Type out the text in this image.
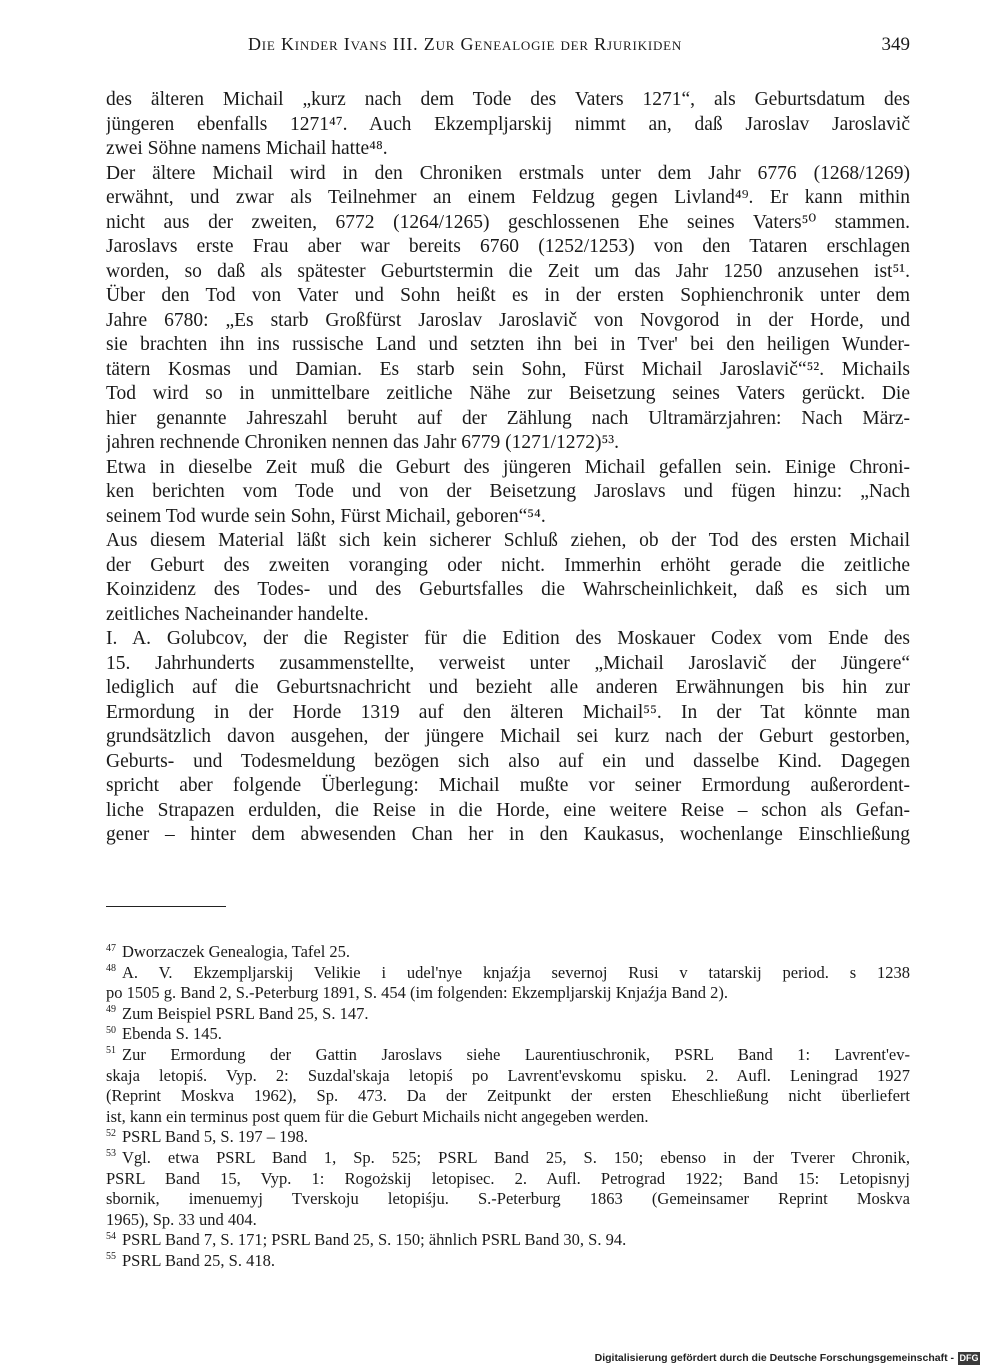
Die Kinder Ivans III. Zur Genealogie der Rjurikiden	349
des älteren Michail „kurz nach dem Tode des Vaters 1271“, als Geburtsdatum des
jüngeren ebenfalls 1271⁴⁷. Auch Ekzempljarskij nimmt an, daß Jaroslav Jaroslavič
zwei Söhne namens Michail hatte⁴⁸.
Der ältere Michail wird in den Chroniken erstmals unter dem Jahr 6776 (1268/1269)
erwähnt, und zwar als Teilnehmer an einem Feldzug gegen Livland⁴⁹. Er kann mithin
nicht aus der zweiten, 6772 (1264/1265) geschlossenen Ehe seines Vaters⁵⁰ stammen.
Jaroslavs erste Frau aber war bereits 6760 (1252/1253) von den Tataren erschlagen
worden, so daß als spätester Geburtstermin die Zeit um das Jahr 1250 anzusehen ist⁵¹.
Über den Tod von Vater und Sohn heißt es in der ersten Sophienchronik unter dem
Jahre 6780: „Es starb Großfürst Jaroslav Jaroslavič von Novgorod in der Horde, und
sie brachten ihn ins russische Land und setzten ihn bei in Tver' bei den heiligen Wunder-
tätern Kosmas und Damian. Es starb sein Sohn, Fürst Michail Jaroslavič“⁵². Michails
Tod wird so in unmittelbare zeitliche Nähe zur Beisetzung seines Vaters gerückt. Die
hier genannte Jahreszahl beruht auf der Zählung nach Ultramärzjahren: Nach März-
jahren rechnende Chroniken nennen das Jahr 6779 (1271/1272)⁵³.
Etwa in dieselbe Zeit muß die Geburt des jüngeren Michail gefallen sein. Einige Chroni-
ken berichten vom Tode und von der Beisetzung Jaroslavs und fügen hinzu: „Nach
seinem Tod wurde sein Sohn, Fürst Michail, geboren“⁵⁴.
Aus diesem Material läßt sich kein sicherer Schluß ziehen, ob der Tod des ersten Michail
der Geburt des zweiten voranging oder nicht. Immerhin erhöht gerade die zeitliche
Koinzidenz des Todes- und des Geburtsfalles die Wahrscheinlichkeit, daß es sich um
zeitliches Nacheinander handelte.
I. A. Golubcov, der die Register für die Edition des Moskauer Codex vom Ende des
15. Jahrhunderts zusammenstellte, verweist unter „Michail Jaroslavič der Jüngere“
lediglich auf die Geburtsnachricht und bezieht alle anderen Erwähnungen bis hin zur
Ermordung in der Horde 1319 auf den älteren Michail⁵⁵. In der Tat könnte man
grundsätzlich davon ausgehen, der jüngere Michail sei kurz nach der Geburt gestorben,
Geburts- und Todesmeldung bezögen sich also auf ein und dasselbe Kind. Dagegen
spricht aber folgende Überlegung: Michail mußte vor seiner Ermordung außerordent-
liche Strapazen erdulden, die Reise in die Horde, eine weitere Reise – schon als Gefan-
gener – hinter dem abwesenden Chan her in den Kaukasus, wochenlange Einschließung
$^{47}$ Dworzaczek Genealogia, Tafel 25.
$^{48}$ A. V. Ekzempljarskij Velikie i udel'nye knjaźja severnoj Rusi v tatarskij period. s 1238
po 1505 g. Band 2, S.-Peterburg 1891, S. 454 (im folgenden: Ekzempljarskij Knjaźja Band 2).
$^{49}$ Zum Beispiel PSRL Band 25, S. 147.
$^{50}$ Ebenda S. 145.
$^{51}$ Zur Ermordung der Gattin Jaroslavs siehe Laurentiuschronik, PSRL Band 1: Lavrent'ev-
skaja letopiś. Vyp. 2: Suzdal'skaja letopiś po Lavrent'evskomu spisku. 2. Aufl. Leningrad 1927
(Reprint Moskva 1962), Sp. 473. Da der Zeitpunkt der ersten Eheschließung nicht überliefert
ist, kann ein terminus post quem für die Geburt Michails nicht angegeben werden.
$^{52}$ PSRL Band 5, S. 197 – 198.
$^{53}$ Vgl. etwa PSRL Band 1, Sp. 525; PSRL Band 25, S. 150; ebenso in der Tverer Chronik,
PSRL Band 15, Vyp. 1: Rogożskij letopisec. 2. Aufl. Petrograd 1922; Band 15: Letopisnyj
sbornik, imenuemyj Tverskoju letopiśju. S.-Peterburg 1863 (Gemeinsamer Reprint Moskva
1965), Sp. 33 und 404.
$^{54}$ PSRL Band 7, S. 171; PSRL Band 25, S. 150; ähnlich PSRL Band 30, S. 94.
$^{55}$ PSRL Band 25, S. 418.
Digitalisierung gefördert durch die Deutsche Forschungsgemeinschaft - DFG
